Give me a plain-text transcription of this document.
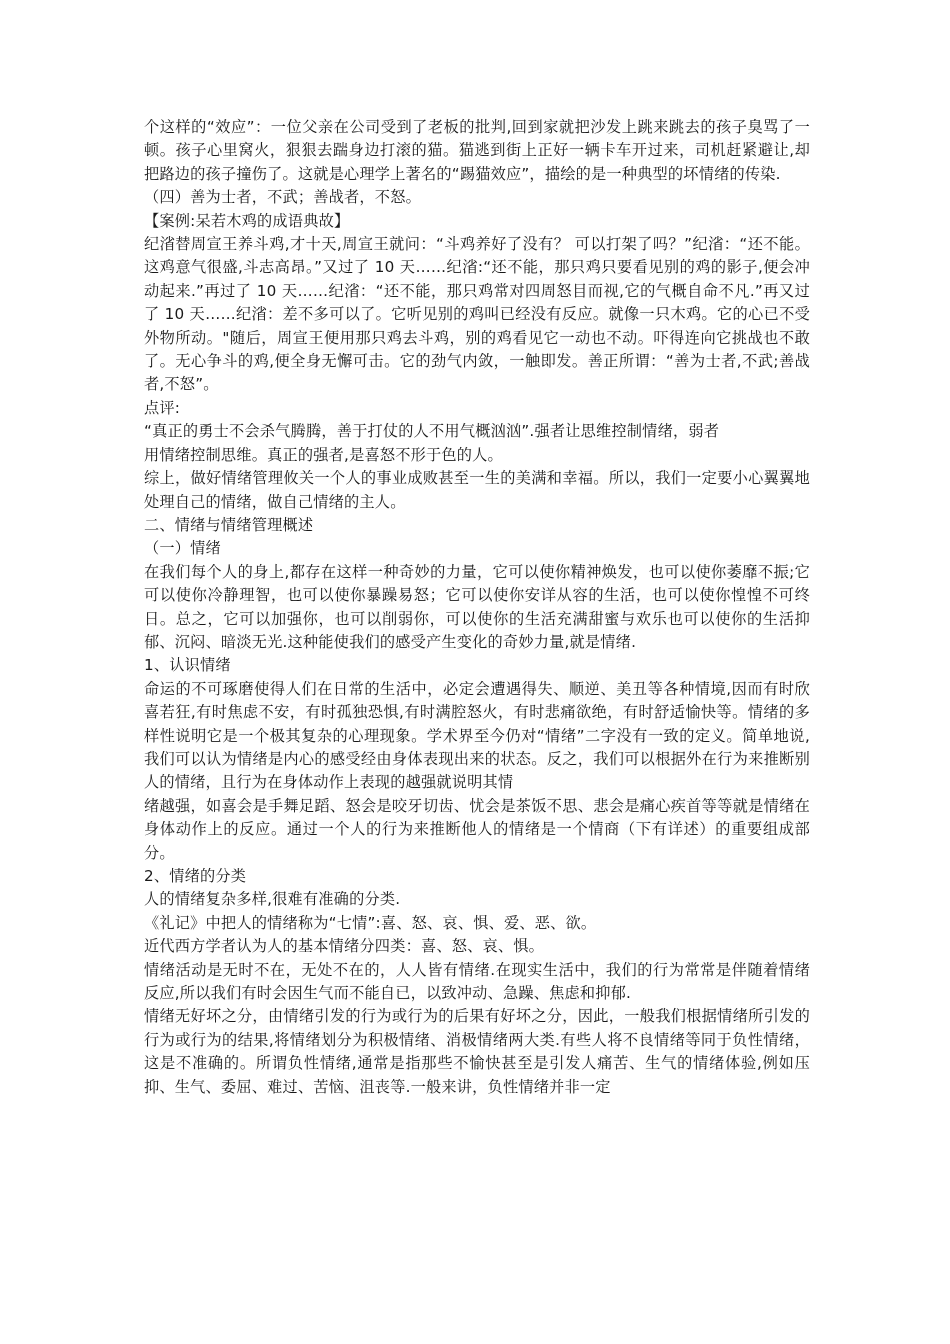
个这样的“效应”：一位父亲在公司受到了老板的批判,回到家就把沙发上跳来跳去的孩子臭骂了一顿。孩子心里窝火，狠狠去踹身边打滚的猫。猫逃到街上正好一辆卡车开过来，司机赶紧避让,却把路边的孩子撞伤了。这就是心理学上著名的“踢猫效应”，描绘的是一种典型的坏情绪的传染.

（四）善为士者，不武；善战者，不怒。

【案例:呆若木鸡的成语典故】

纪渻替周宣王养斗鸡,才十天,周宣王就问：“斗鸡养好了没有？ 可以打架了吗？”纪渻：“还不能。这鸡意气很盛,斗志高昂。”又过了 10 天……纪渻:“还不能，那只鸡只要看见别的鸡的影子,便会冲动起来.”再过了 10 天……纪渻：“还不能，那只鸡常对四周怒目而视,它的气概自命不凡.”再又过了 10 天……纪渻：差不多可以了。它听见别的鸡叫已经没有反应。就像一只木鸡。它的心已不受外物所动。"随后，周宣王便用那只鸡去斗鸡，别的鸡看见它一动也不动。吓得连向它挑战也不敢了。无心争斗的鸡,便全身无懈可击。它的劲气内敛，一触即发。善正所谓：“善为士者,不武;善战者,不怒”。

点评:

“真正的勇士不会杀气腾腾，善于打仗的人不用气概汹汹”.强者让思维控制情绪，弱者

用情绪控制思维。真正的强者,是喜怒不形于色的人。

综上，做好情绪管理攸关一个人的事业成败甚至一生的美满和幸福。所以，我们一定要小心翼翼地处理自己的情绪，做自己情绪的主人。

二、情绪与情绪管理概述

（一）情绪

在我们每个人的身上,都存在这样一种奇妙的力量，它可以使你精神焕发，也可以使你萎靡不振;它可以使你冷静理智，也可以使你暴躁易怒；它可以使你安详从容的生活，也可以使你惶惶不可终日。总之，它可以加强你，也可以削弱你，可以使你的生活充满甜蜜与欢乐也可以使你的生活抑郁、沉闷、暗淡无光.这种能使我们的感受产生变化的奇妙力量,就是情绪.

1、认识情绪

命运的不可琢磨使得人们在日常的生活中，必定会遭遇得失、顺逆、美丑等各种情境,因而有时欣喜若狂,有时焦虑不安，有时孤独恐惧,有时满腔怒火，有时悲痛欲绝，有时舒适愉快等。情绪的多样性说明它是一个极其复杂的心理现象。学术界至今仍对“情绪”二字没有一致的定义。简单地说,我们可以认为情绪是内心的感受经由身体表现出来的状态。反之，我们可以根据外在行为来推断别人的情绪，且行为在身体动作上表现的越强就说明其情

绪越强，如喜会是手舞足蹈、怒会是咬牙切齿、忧会是茶饭不思、悲会是痛心疾首等等就是情绪在身体动作上的反应。通过一个人的行为来推断他人的情绪是一个情商（下有详述）的重要组成部分。

2、情绪的分类

人的情绪复杂多样,很难有准确的分类.

《礼记》中把人的情绪称为“七情”:喜、怒、哀、惧、爱、恶、欲。

近代西方学者认为人的基本情绪分四类：喜、怒、哀、惧。

情绪活动是无时不在，无处不在的，人人皆有情绪.在现实生活中，我们的行为常常是伴随着情绪反应,所以我们有时会因生气而不能自已，以致冲动、急躁、焦虑和抑郁.

情绪无好坏之分，由情绪引发的行为或行为的后果有好坏之分，因此，一般我们根据情绪所引发的行为或行为的结果,将情绪划分为积极情绪、消极情绪两大类.有些人将不良情绪等同于负性情绪，这是不准确的。所谓负性情绪,通常是指那些不愉快甚至是引发人痛苦、生气的情绪体验,例如压抑、生气、委屈、难过、苦恼、沮丧等.一般来讲，负性情绪并非一定
